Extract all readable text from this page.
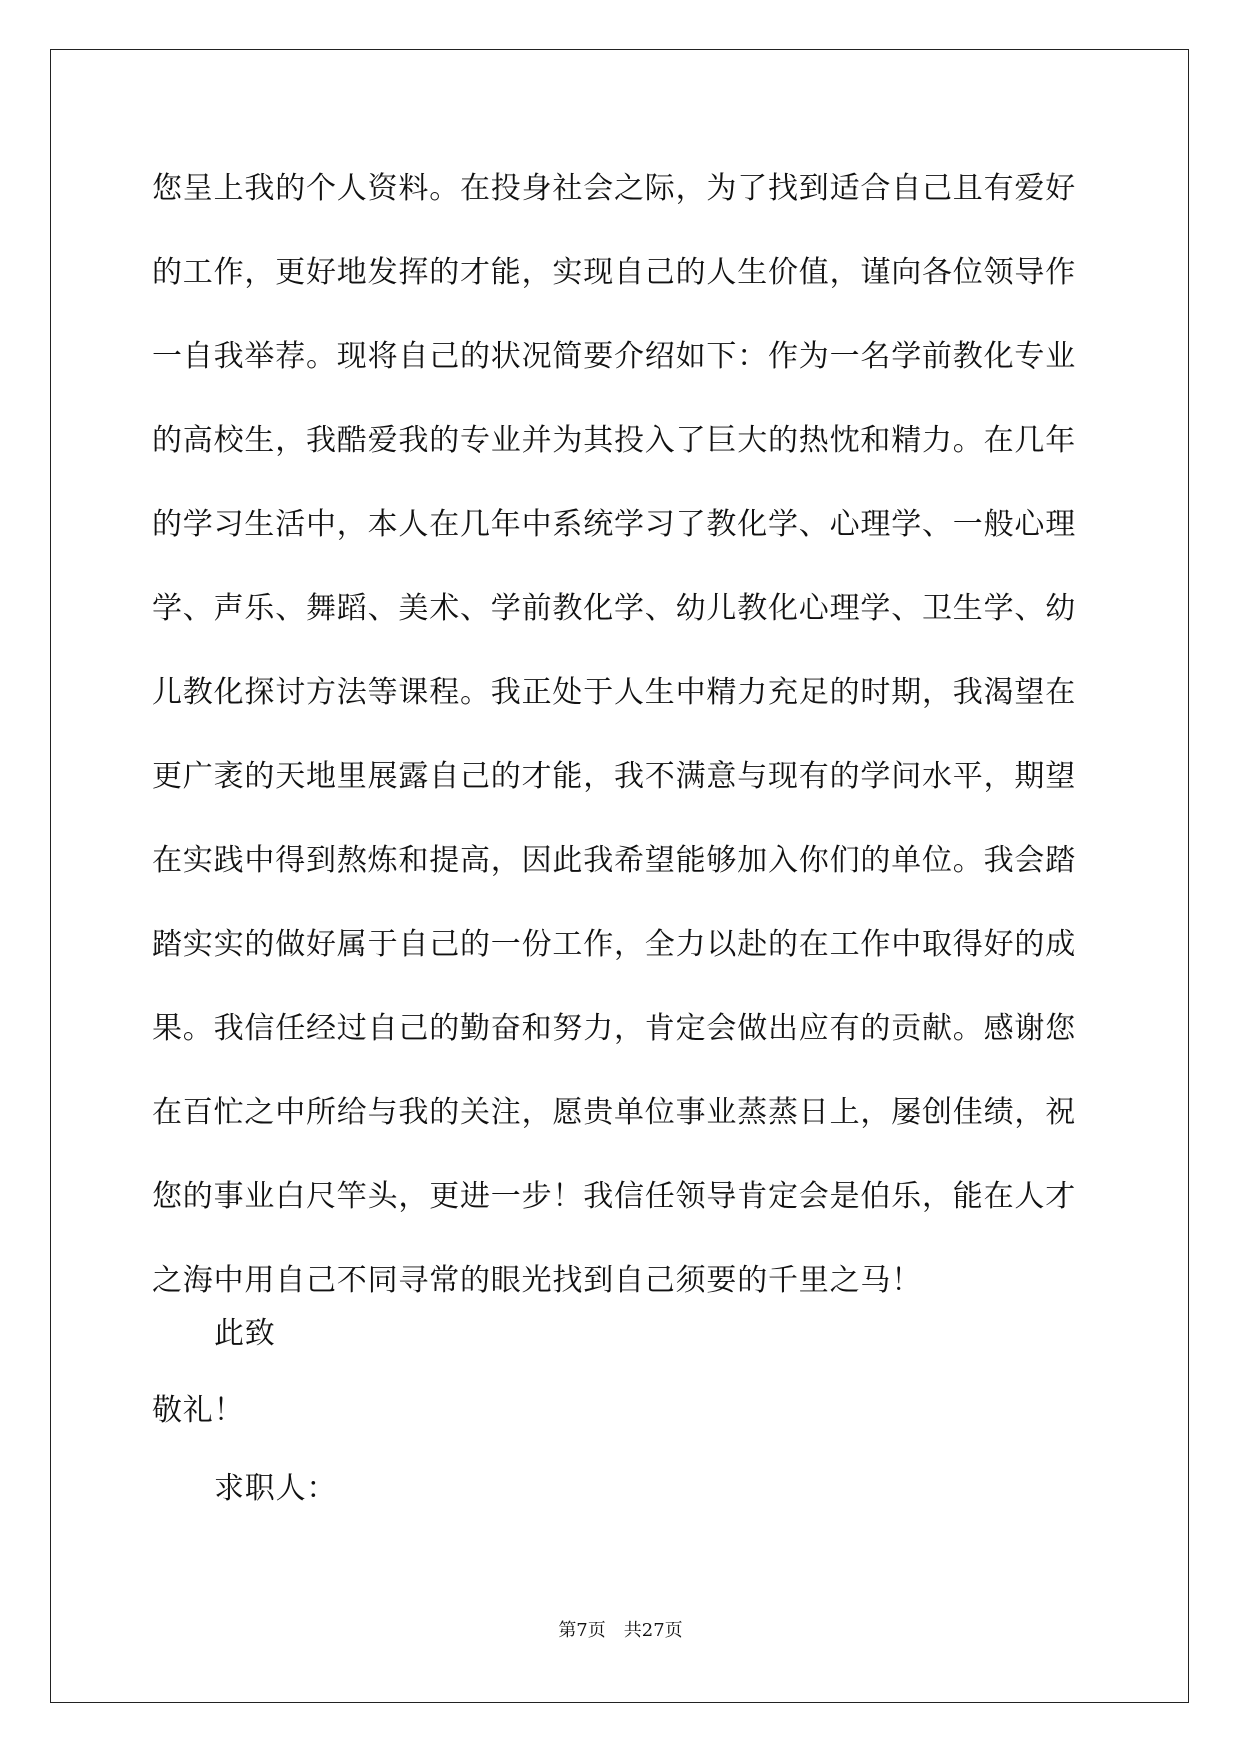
您呈上我的个人资料。在投身社会之际，为了找到适合自己且有爱好
的工作，更好地发挥的才能，实现自己的人生价值，谨向各位领导作
一自我举荐。现将自己的状况简要介绍如下：作为一名学前教化专业
的高校生，我酷爱我的专业并为其投入了巨大的热忱和精力。在几年
的学习生活中，本人在几年中系统学习了教化学、心理学、一般心理
学、声乐、舞蹈、美术、学前教化学、幼儿教化心理学、卫生学、幼
儿教化探讨方法等课程。我正处于人生中精力充足的时期，我渴望在
更广袤的天地里展露自己的才能，我不满意与现有的学问水平，期望
在实践中得到熬炼和提高，因此我希望能够加入你们的单位。我会踏
踏实实的做好属于自己的一份工作，全力以赴的在工作中取得好的成
果。我信任经过自己的勤奋和努力，肯定会做出应有的贡献。感谢您
在百忙之中所给与我的关注，愿贵单位事业蒸蒸日上，屡创佳绩，祝
您的事业白尺竿头，更进一步！我信任领导肯定会是伯乐，能在人才
之海中用自己不同寻常的眼光找到自己须要的千里之马！
此致
敬礼！
求职人：
第7页　共27页
